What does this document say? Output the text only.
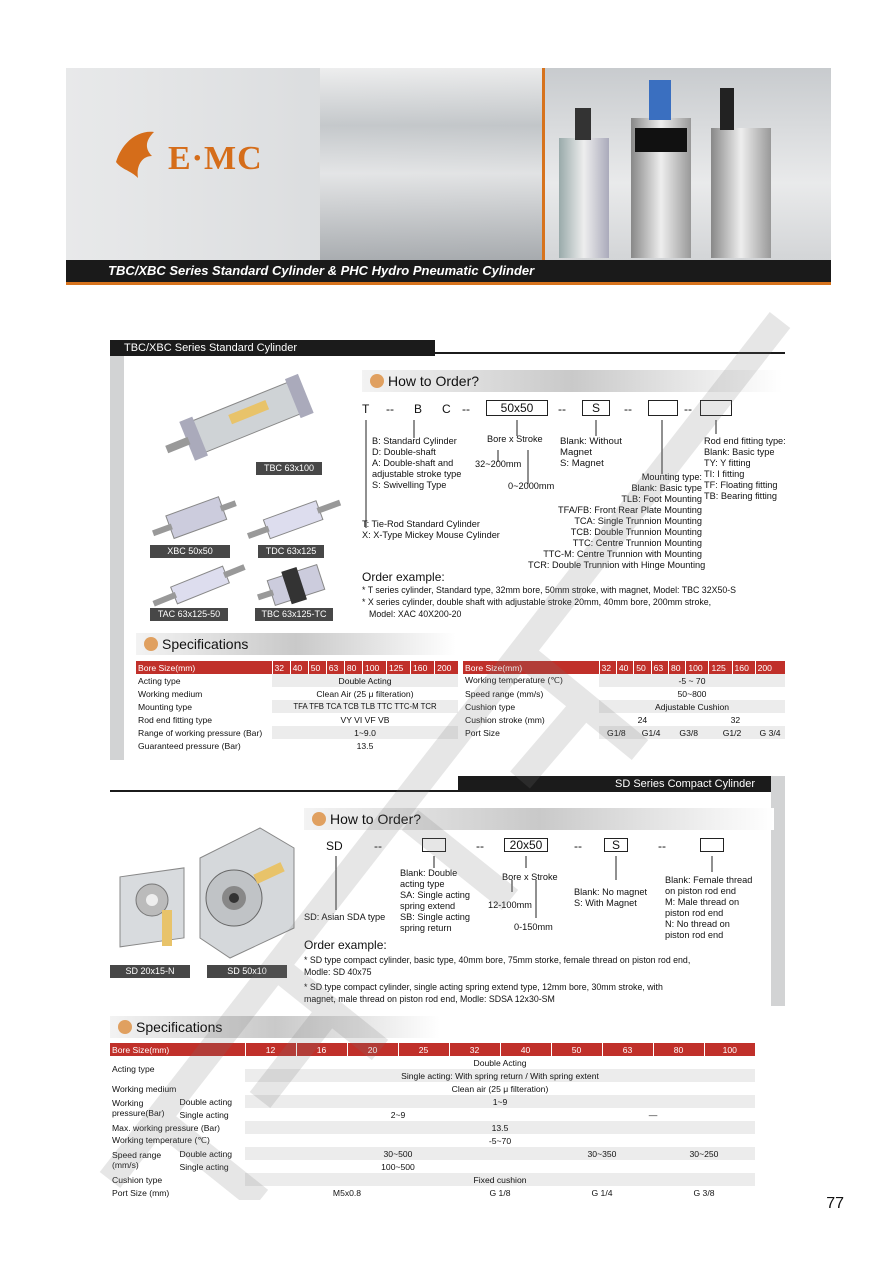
E·MC
TBC/XBC Series Standard Cylinder & PHC Hydro Pneumatic Cylinder
TBC/XBC Series Standard Cylinder
TBC 63x100
XBC 50x50	TDC 63x125
TAC 63x125-50	TBC 63x125-TC
How to Order?
T -- B C --	50x50	--	S	--	--
B: Standard Cylinder
D: Double-shaft
A: Double-shaft and
adjustable stroke type
S: Swivelling Type
Bore x Stroke
32~200mm
0~2000mm
Blank: Without
Magnet
S: Magnet
Mounting type:
Blank: Basic type
TLB: Foot Mounting
TFA/FB: Front Rear Plate Mounting
TCA: Single Trunnion Mounting
TCB: Double Trunnion Mounting
TTC: Centre Trunnion Mounting
TTC-M: Centre Trunnion with Mounting
TCR: Double Trunnion with Hinge Mounting
Rod end fitting type:
Blank: Basic type
TY: Y fitting
TI: I fitting
TF: Floating fitting
TB: Bearing fitting
T: Tie-Rod Standard Cylinder
X: X-Type Mickey Mouse Cylinder
Order example:
* T series cylinder, Standard type, 32mm bore, 50mm stroke, with magnet, Model: TBC 32X50-S
* X series cylinder, double shaft with adjustable stroke 20mm, 40mm bore, 200mm stroke,
Model: XAC 40X200-20
Specifications
Bore Size(mm)	32	40	50	63	80	100	125	160	200
Acting type	Double Acting								
Working medium	Clean Air (25 μ filteration)								
Mounting type	TFA TFB TCA TCB TLB TTC TTC-M TCR								
Rod end fitting type	VY VI VF VB								
Range of working pressure (Bar)	1~9.0								
Guaranteed pressure (Bar)	13.5								
Bore Size(mm)	32	40	50	63	80	100	125	160	200
Working temperature (℃)	-5 ~ 70								
Speed range (mm/s)	50~800								
Cushion type	Adjustable Cushion								
Cushion stroke (mm)	24					32			
Port Size	G1/8		G1/4		G3/8		G1/2		G 3/4
SD Series Compact Cylinder
SD 20x15-N	SD 50x10
How to Order?
SD	--	--	20x50	--	S	--
SD: Asian SDA type
Blank: Double
acting type
SA: Single acting
spring extend
SB: Single acting
spring return
Bore x Stroke
12-100mm
0-150mm
Blank: No magnet
S: With Magnet
Blank: Female thread
on piston rod end
M: Male thread on
piston rod end
N: No thread on
piston rod end
Order example:
* SD type compact cylinder, basic type, 40mm bore, 75mm storke, female thread on piston rod end,
Modle: SD 40x75
* SD type compact cylinder, single acting spring extend type, 12mm bore, 30mm stroke, with
magnet, male thread on piston rod end, Modle: SDSA 12x30-SM
Specifications
Bore Size(mm)		12	16	20	25	32	40	50	63	80	100
Acting type		Double Acting									
		Single acting: With spring return / With spring extent									
Working medium		Clean air (25 μ filteration)									
Working
pressure(Bar)	Double acting	1~9									
	Single acting	2~9						—			
Max. working pressure (Bar)		13.5									
Working temperature (℃)		-5~70									
Speed range
(mm/s)	Double acting	30~500						30~350		30~250	
	Single acting	100~500									
Cushion type		Fixed cushion									
Port Size (mm)		M5x0.8				G 1/8		G 1/4		G 3/8	
77
